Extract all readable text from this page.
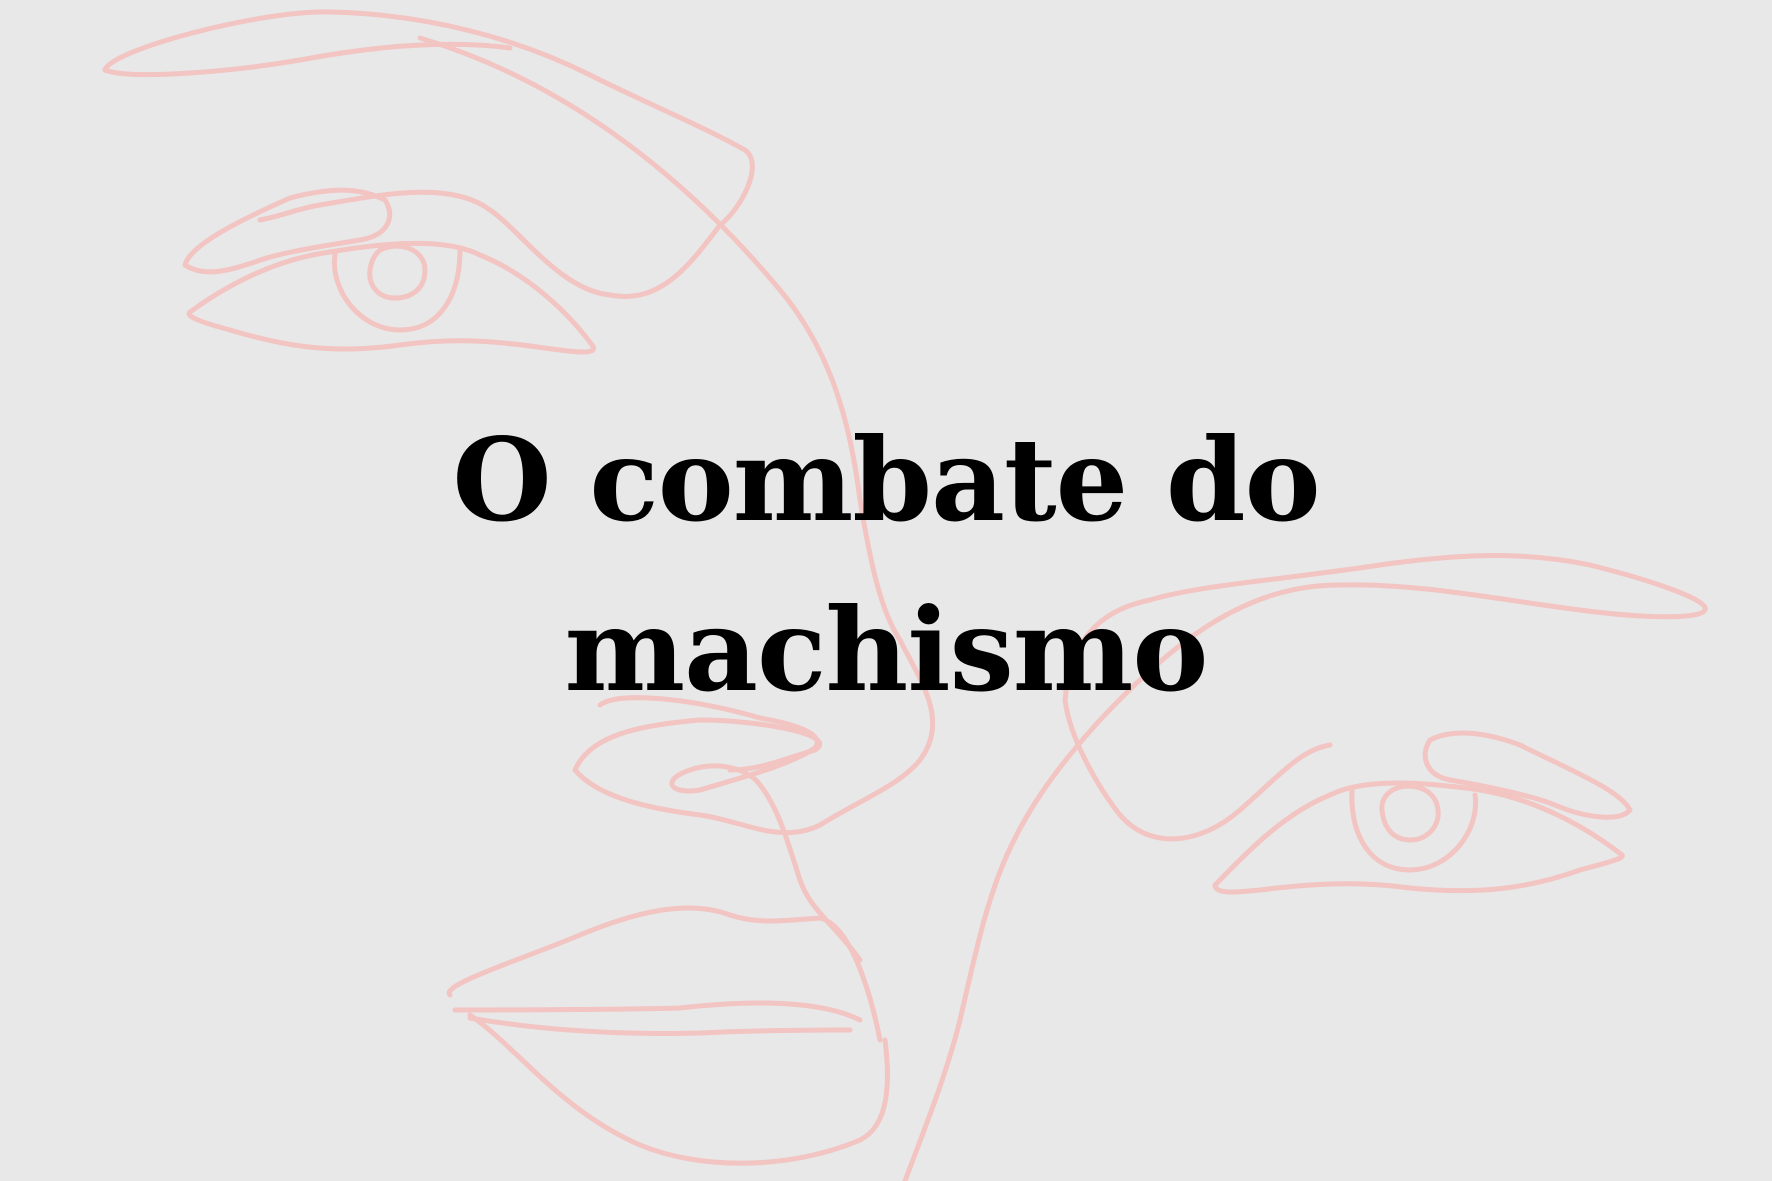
O combate do
machismo
